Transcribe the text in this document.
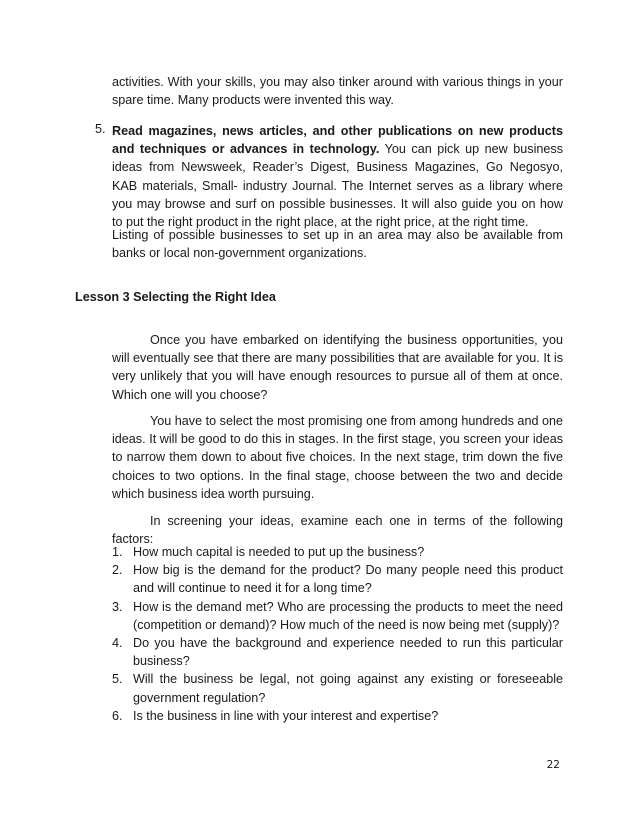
activities. With your skills, you may also tinker around with various things in your spare time. Many products were invented this way.

5. Read magazines, news articles, and other publications on new products and techniques or advances in technology. You can pick up new business ideas from Newsweek, Reader’s Digest, Business Magazines, Go Negosyo, KAB materials, Small- industry Journal. The Internet serves as a library where you may browse and surf on possible businesses. It will also guide you on how to put the right product in the right place, at the right price, at the right time.

Listing of possible businesses to set up in an area may also be available from banks or local non-government organizations.

Lesson 3 Selecting the Right Idea

Once you have embarked on identifying the business opportunities, you will eventually see that there are many possibilities that are available for you. It is very unlikely that you will have enough resources to pursue all of them at once. Which one will you choose?

You have to select the most promising one from among hundreds and one ideas. It will be good to do this in stages. In the first stage, you screen your ideas to narrow them down to about five choices. In the next stage, trim down the five choices to two options. In the final stage, choose between the two and decide which business idea worth pursuing.

In screening your ideas, examine each one in terms of the following factors:

1. How much capital is needed to put up the business?
2. How big is the demand for the product? Do many people need this product and will continue to need it for a long time?
3. How is the demand met? Who are processing the products to meet the need (competition or demand)? How much of the need is now being met (supply)?
4. Do you have the background and experience needed to run this particular business?
5. Will the business be legal, not going against any existing or foreseeable government regulation?
6. Is the business in line with your interest and expertise?

22
